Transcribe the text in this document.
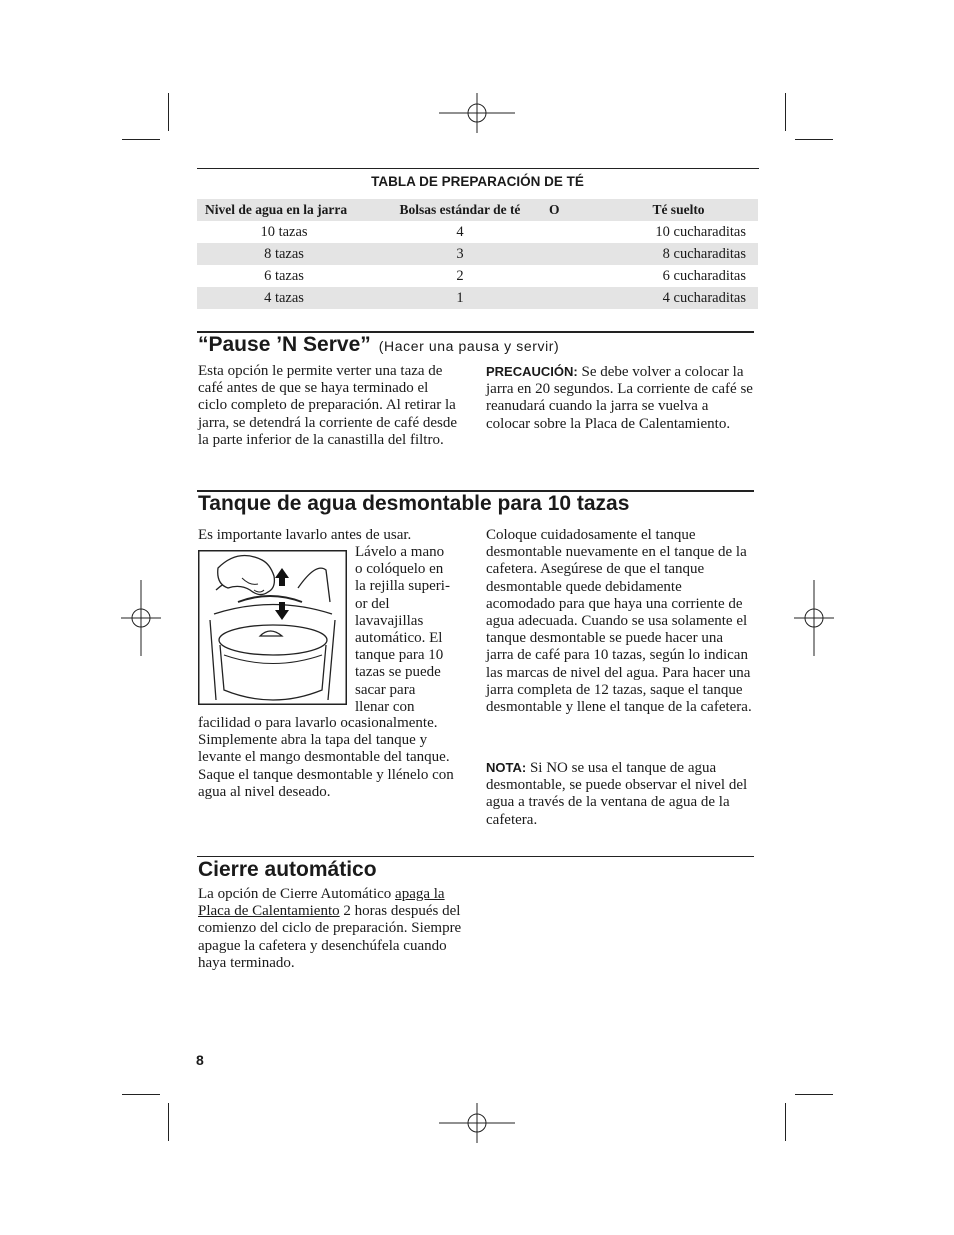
TABLA DE PREPARACIÓN DE TÉ
Nivel de agua en la jarra	Bolsas estándar de té	O	Té suelto
10 tazas	4		10 cucharaditas
8 tazas	3		8 cucharaditas
6 tazas	2		6 cucharaditas
4 tazas	1		4 cucharaditas
“Pause ’N Serve” (Hacer una pausa y servir)
Esta opción le permite verter una taza de café antes de que se haya terminado el ciclo completo de preparación. Al retirar la jarra, se detendrá la corriente de café desde la parte inferior de la canastilla del filtro.
PRECAUCIÓN: Se debe volver a colocar la jarra en 20 segundos. La corriente de café se reanudará cuando la jarra se vuelva a colocar sobre la Placa de Calentamiento.
Tanque de agua desmontable para 10 tazas
Es importante lavarlo antes de usar.
Lávelo a mano
o colóquelo en
la rejilla superi-
or del
lavavajillas
automático. El
tanque para 10
tazas se puede
sacar para
llenar con
facilidad o para lavarlo ocasionalmente. Simplemente abra la tapa del tanque y levante el mango desmontable del tanque. Saque el tanque desmontable y llénelo con agua al nivel deseado.
Coloque cuidadosamente el tanque desmontable nuevamente en el tanque de la cafetera. Asegúrese de que el tanque desmontable quede debidamente acomodado para que haya una corriente de agua adecuada. Cuando se usa solamente el tanque desmontable se puede hacer una jarra de café para 10 tazas, según lo indican las marcas de nivel del agua. Para hacer una jarra completa de 12 tazas, saque el tanque desmontable y llene el tanque de la cafetera.
NOTA: Si NO se usa el tanque de agua desmontable, se puede observar el nivel del agua a través de la ventana de agua de la cafetera.
Cierre automático
La opción de Cierre Automático apaga la Placa de Calentamiento 2 horas después del comienzo del ciclo de preparación. Siempre apague la cafetera y desenchúfela cuando haya terminado.
8
